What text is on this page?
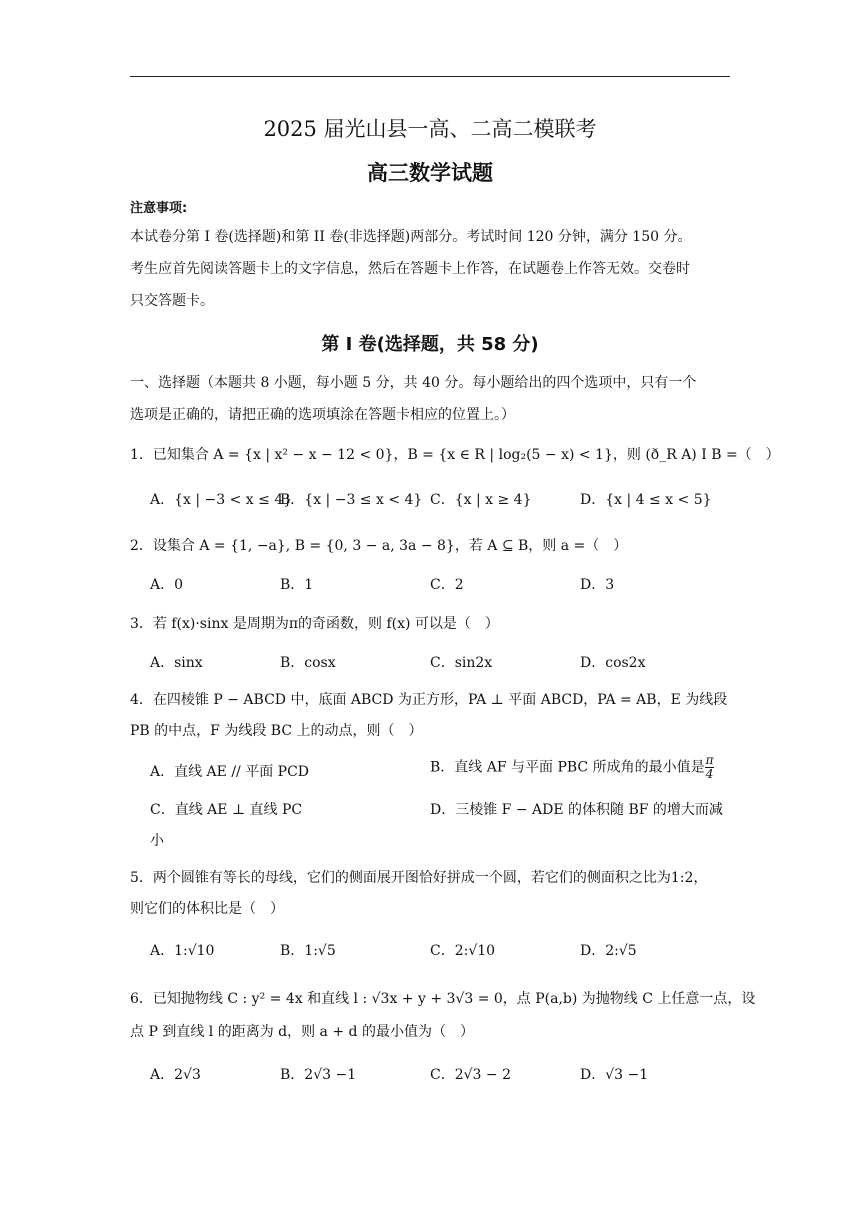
2025 届光山县一高、二高二模联考
高三数学试题
注意事项:
本试卷分第 I 卷(选择题)和第 II 卷(非选择题)两部分。考试时间 120 分钟，满分 150 分。
考生应首先阅读答题卡上的文字信息，然后在答题卡上作答，在试题卷上作答无效。交卷时
只交答题卡。
第 I 卷(选择题，共 58 分)
一、选择题（本题共 8 小题，每小题 5 分，共 40 分。每小题给出的四个选项中，只有一个
选项是正确的，请把正确的选项填涂在答题卡相应的位置上。）
1．已知集合 A = {x | x² − x − 12 < 0}，B = {x ∈ R | log₂(5 − x) < 1}，则 (ð_R A) I B =（　）
A．{x | −3 < x ≤ 4}
B．{x | −3 ≤ x < 4} C．{x | x ≥ 4}	D．{x | 4 ≤ x < 5}
2．设集合 A = {1, −a}, B = {0, 3 − a, 3a − 8}，若 A ⊆ B，则 a =（　）
A．0	B．1	C．2	D．3
3．若 f(x)·sinx 是周期为π的奇函数，则 f(x) 可以是（　）
A．sinx	B．cosx	C．sin2x	D．cos2x
4．在四棱锥 P − ABCD 中，底面 ABCD 为正方形，PA ⊥ 平面 ABCD，PA = AB，E 为线段
PB 的中点，F 为线段 BC 上的动点，则（　）
A．直线 AE // 平面 PCD	B．直线 AF 与平面 PBC 所成角的最小值是 $\frac{\pi}{4}$
C．直线 AE ⊥ 直线 PC	D．三棱锥 F − ADE 的体积随 BF 的增大而减
小
5．两个圆锥有等长的母线，它们的侧面展开图恰好拼成一个圆，若它们的侧面积之比为1:2，
则它们的体积比是（　）
A．1:√10	B．1:√5	C．2:√10	D．2:√5
6．已知抛物线 C : y² = 4x 和直线 l : √3x + y + 3√3 = 0，点 P(a,b) 为抛物线 C 上任意一点，设
点 P 到直线 l 的距离为 d，则 a + d 的最小值为（　）
A．2√3	B．2√3 −1	C．2√3 − 2	D．√3 −1
